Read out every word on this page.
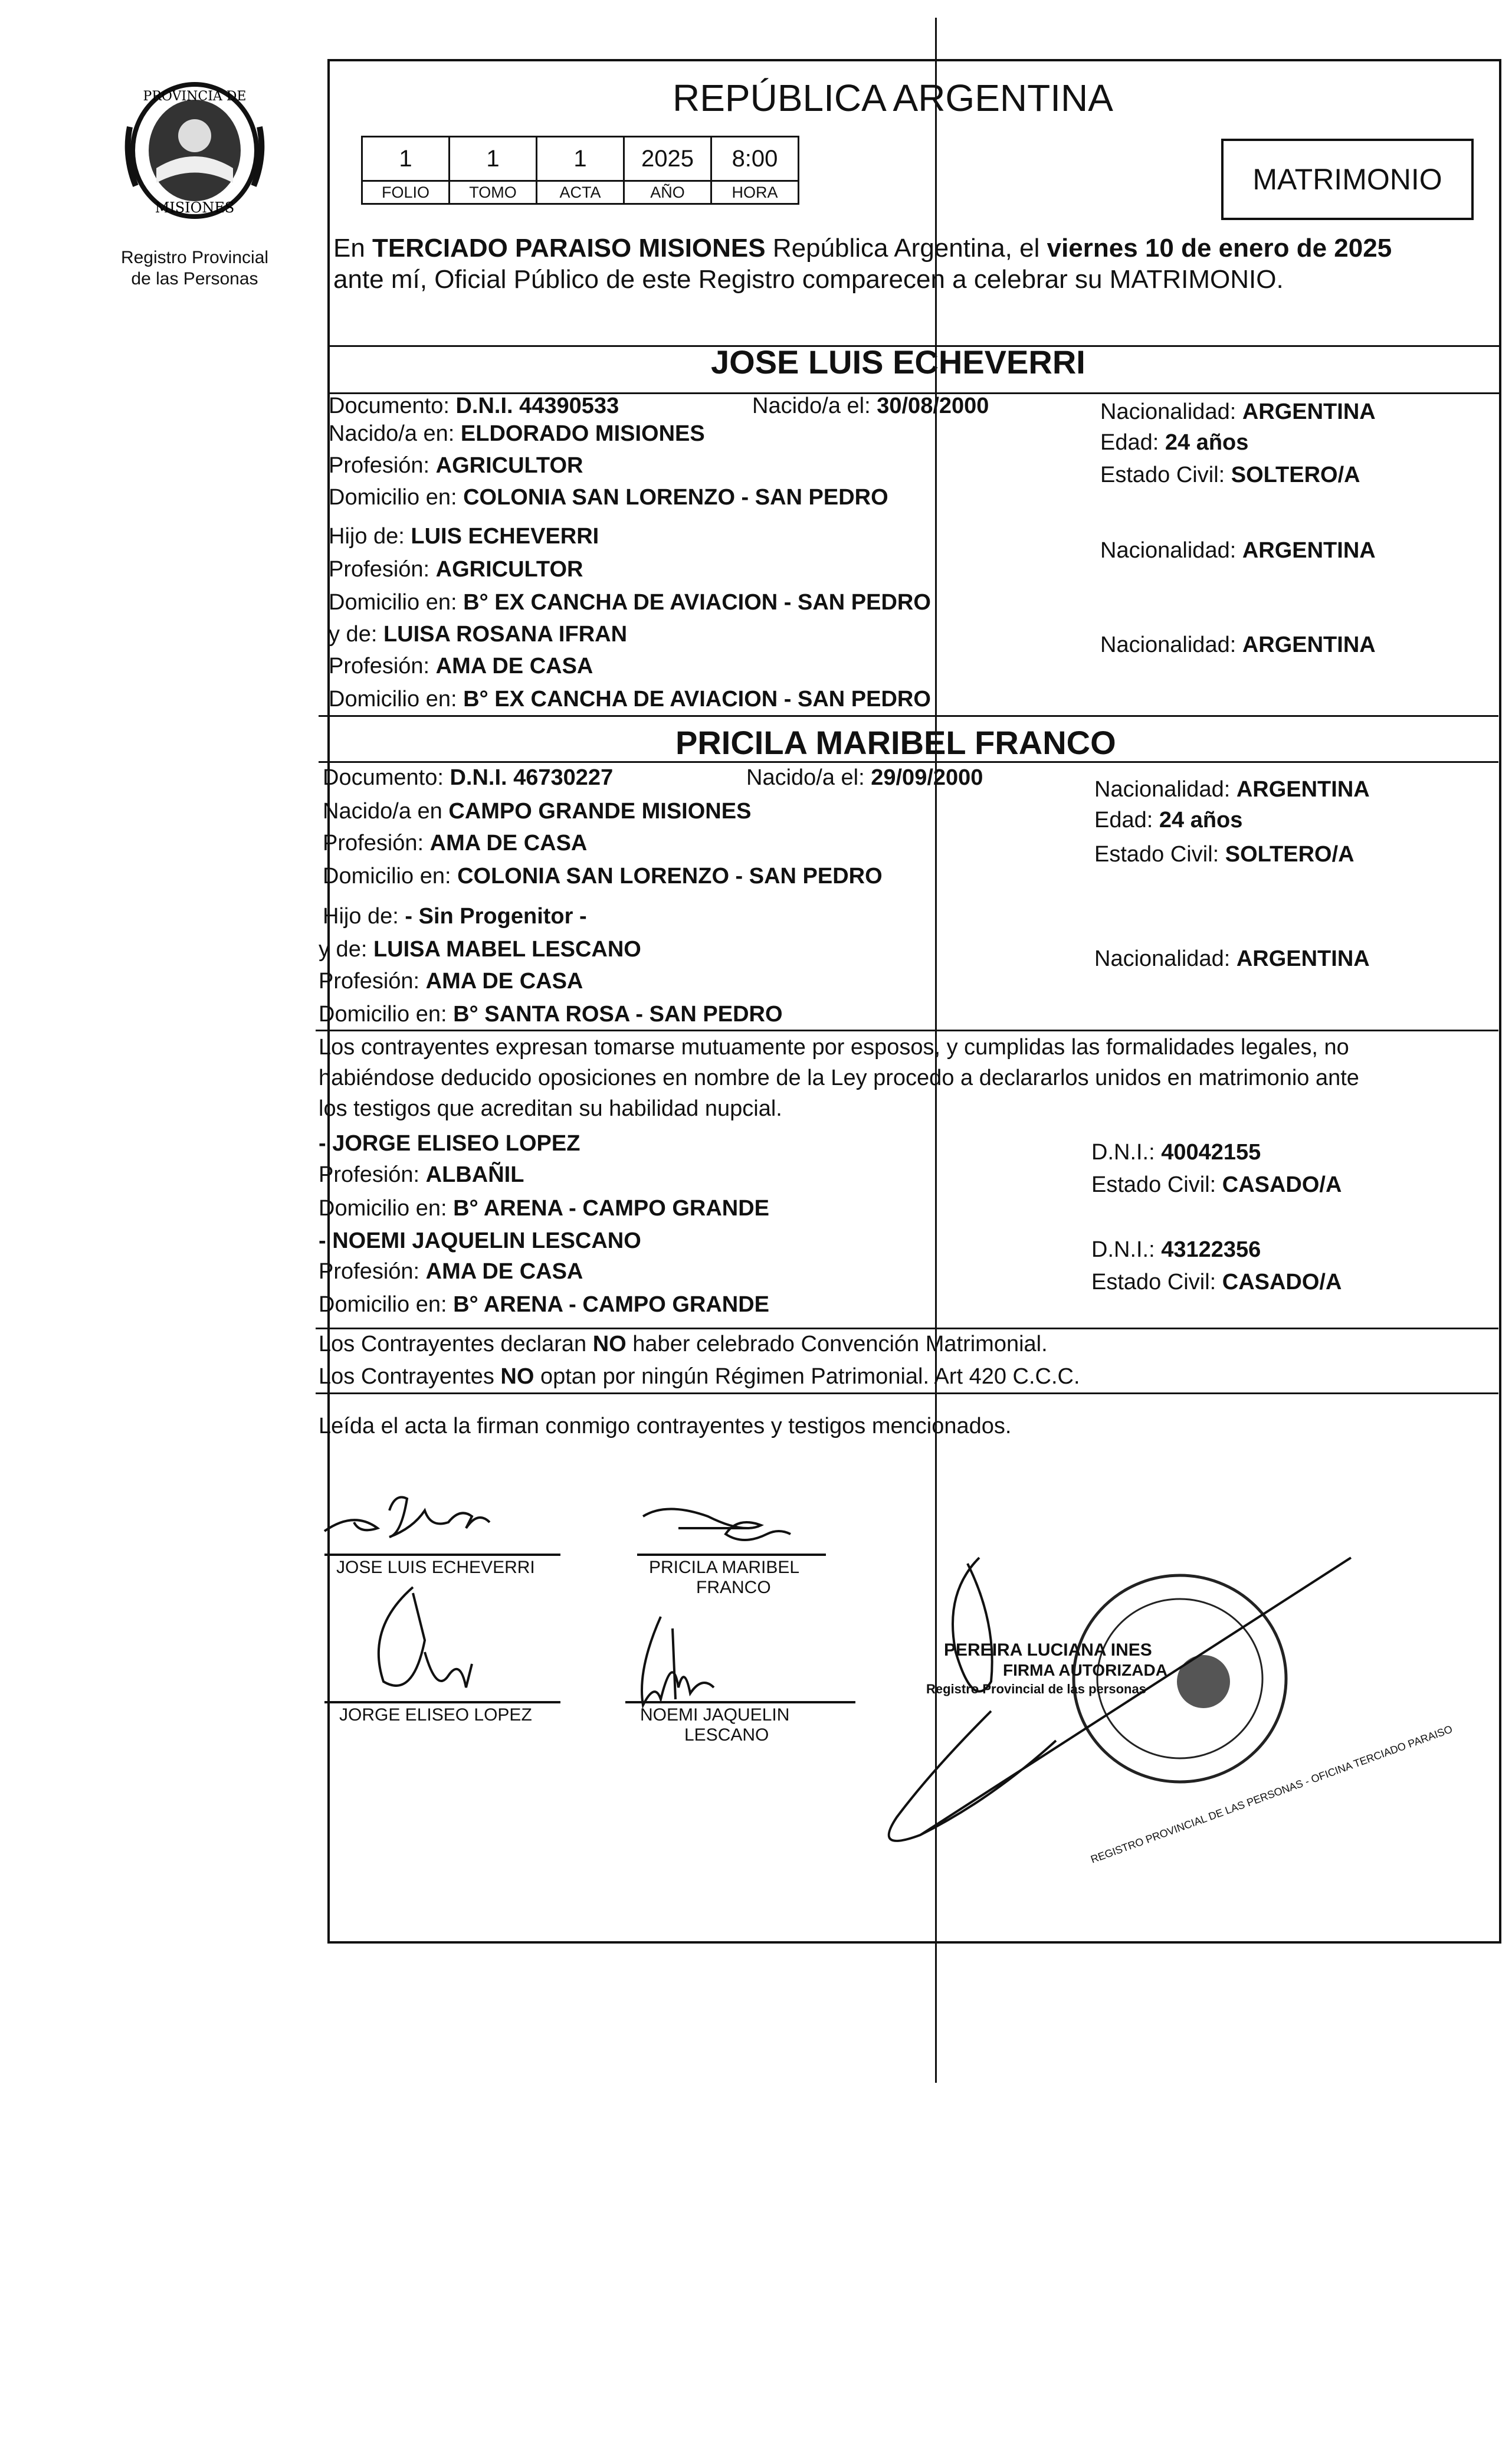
PROVINCIA DE
MISIONES
Registro Provincial
de las Personas
REPÚBLICA ARGENTINA
1	1	1	2025	8:00
FOLIO	TOMO	ACTA	AÑO	HORA	MATRIMONIO
En TERCIADO PARAISO MISIONES República Argentina, el viernes 10 de enero de 2025
ante mí, Oficial Público de este Registro comparecen a celebrar su MATRIMONIO.
JOSE LUIS ECHEVERRI
Documento: D.N.I. 44390533	Nacido/a el: 30/08/2000	Nacionalidad: ARGENTINA
Nacido/a en: ELDORADO MISIONES	Edad: 24 años
Profesión: AGRICULTOR	Estado Civil: SOLTERO/A
Domicilio en: COLONIA SAN LORENZO - SAN PEDRO
Hijo de: LUIS ECHEVERRI
Nacionalidad: ARGENTINA
Profesión: AGRICULTOR
Domicilio en: B° EX CANCHA DE AVIACION - SAN PEDRO
y de: LUISA ROSANA IFRAN	Nacionalidad: ARGENTINA
Profesión: AMA DE CASA
Domicilio en: B° EX CANCHA DE AVIACION - SAN PEDRO
PRICILA MARIBEL FRANCO
Documento: D.N.I. 46730227	Nacido/a el: 29/09/2000	Nacionalidad: ARGENTINA
Nacido/a en CAMPO GRANDE MISIONES	Edad: 24 años
Profesión: AMA DE CASA	Estado Civil: SOLTERO/A
Domicilio en: COLONIA SAN LORENZO - SAN PEDRO
Hijo de: - Sin Progenitor -
y de: LUISA MABEL LESCANO	Nacionalidad: ARGENTINA
Profesión: AMA DE CASA
Domicilio en: B° SANTA ROSA - SAN PEDRO
Los contrayentes expresan tomarse mutuamente por esposos, y cumplidas las formalidades legales, no
habiéndose deducido oposiciones en nombre de la Ley procedo a declararlos unidos en matrimonio ante
los testigos que acreditan su habilidad nupcial.
- JORGE ELISEO LOPEZ	D.N.I.: 40042155
Profesión: ALBAÑIL	Estado Civil: CASADO/A
Domicilio en: B° ARENA - CAMPO GRANDE
- NOEMI JAQUELIN LESCANO	D.N.I.: 43122356
Profesión: AMA DE CASA	Estado Civil: CASADO/A
Domicilio en: B° ARENA - CAMPO GRANDE
Los Contrayentes declaran NO haber celebrado Convención Matrimonial.
Los Contrayentes NO optan por ningún Régimen Patrimonial. Art 420 C.C.C.
Leída el acta la firman conmigo contrayentes y testigos mencionados.
JOSE LUIS ECHEVERRI	PRICILA MARIBEL
FRANCO
JORGE ELISEO LOPEZ	NOEMI JAQUELIN
LESCANO
PEREIRA LUCIANA INES
FIRMA AUTORIZADA
Registro Provincial de las personas
REGISTRO PROVINCIAL DE LAS PERSONAS - OFICINA TERCIADO PARAISO
